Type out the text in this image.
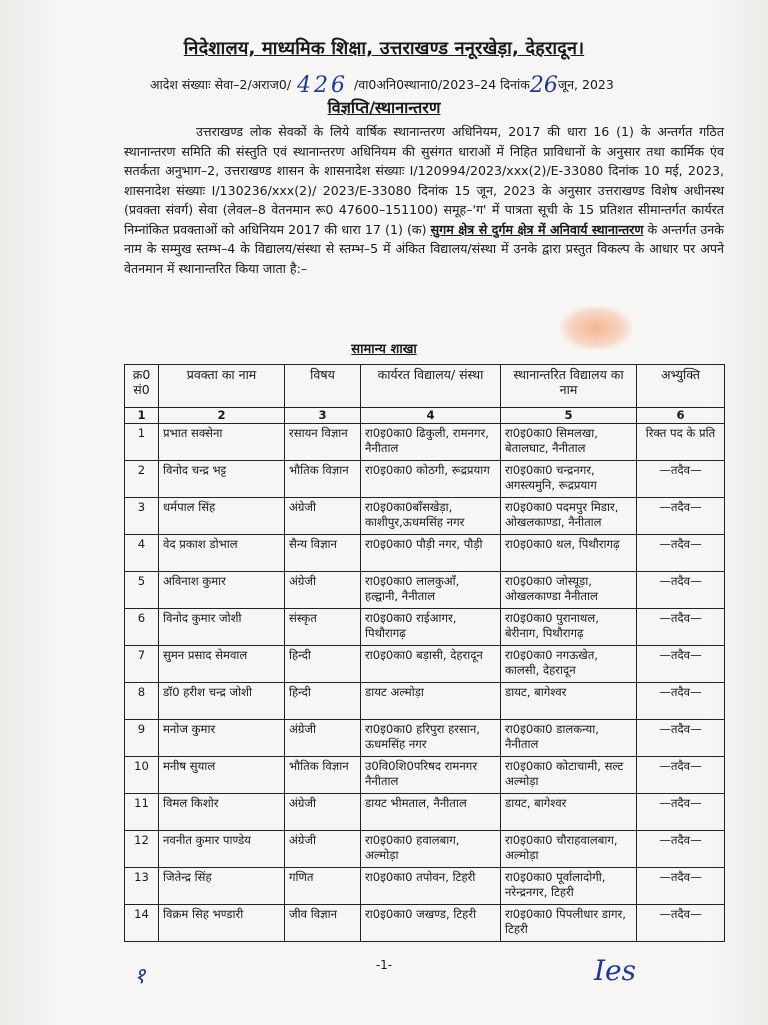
निदेशालय, माध्यमिक शिक्षा, उत्तराखण्ड ननूरखेड़ा, देहरादून।
आदेश संख्याः सेवा–2/अराज0/ 426 /वा0अनि0स्थाना0/2023–24 दिनांक26जून, 2023
विज्ञप्ति/स्थानान्तरण

उत्तराखण्ड लोक सेवकों के लिये वार्षिक स्थानान्तरण अधिनियम, 2017 की धारा 16 (1) के अन्तर्गत गठित स्थानान्तरण समिति की संस्तुति एवं स्थानान्तरण अधिनियम की सुसंगत धाराओं में निहित प्राविधानों के अनुसार तथा कार्मिक एंव सतर्कता अनुभाग–2, उत्तराखण्ड शासन के शासनादेश संख्याः I/120994/2023/xxx(2)/E-33080 दिनांक 10 मई, 2023, शासनादेश संख्याः I/130236/xxx(2)/ 2023/E-33080 दिनांक 15 जून, 2023 के अनुसार उत्तराखण्ड विशेष अधीनस्थ (प्रवक्ता संवर्ग) सेवा (लेवल–8 वेतनमान रू0 47600–151100) समूह–'ग' में पात्रता सूची के 15 प्रतिशत सीमान्तर्गत कार्यरत निम्नांकित प्रवक्ताओं को अधिनियम 2017 की धारा 17 (1) (क) सुगम क्षेत्र से दुर्गम क्षेत्र में अनिवार्य स्थानान्तरण के अन्तर्गत उनके नाम के सम्मुख स्तम्भ–4 के विद्यालय/संस्था से स्तम्भ–5 में अंकित विद्यालय/संस्था में उनके द्वारा प्रस्तुत विकल्प के आधार पर अपने वेतनमान में स्थानान्तरित किया जाता है:–

सामान्य शाखा
क्र0 सं0	प्रवक्ता का नाम	विषय	कार्यरत विद्यालय/ संस्था	स्थानान्तरित विद्यालय का नाम	अभ्युक्ति
1	2	3	4	5	6
1	प्रभात सक्सेना	रसायन विज्ञान	रा0इ0का0 ढिकुली, रामनगर, नैनीताल	रा0इ0का0 सिमलखा, बेतालघाट, नैनीताल	रिक्त पद के प्रति
2	विनोद चन्द्र भट्ट	भौतिक विज्ञान	रा0इ0का0 कोठगी, रूद्रप्रयाग	रा0इ0का0 चन्द्रनगर, अगस्त्यमुनि, रूद्रप्रयाग	—तदैव—
3	धर्मपाल सिंह	अंग्रेजी	रा0इ0का0बाँसखेड़ा, काशीपुर,ऊधमसिंह नगर	रा0इ0का0 पदमपुर मिडार, ओखलकाण्डा, नैनीताल	—तदैव—
4	वेद प्रकाश डोभाल	सैन्य विज्ञान	रा0इ0का0 पौड़ी नगर, पौड़ी	रा0इ0का0 थल, पिथौरागढ़	—तदैव—
5	अविनाश कुमार	अंग्रेजी	रा0इ0का0 लालकुआँ, हल्द्वानी, नैनीताल	रा0इ0का0 जोस्यूड़ा, ओखलकाण्डा नैनीताल	—तदैव—
6	विनोद कुमार जोशी	संस्कृत	रा0इ0का0 राईआगर, पिथौरागढ़	रा0इ0का0 पुरानाथल, बेरीनाग, पिथौरागढ़	—तदैव—
7	सुमन प्रसाद सेमवाल	हिन्दी	रा0इ0का0 बड़ासी, देहरादून	रा0इ0का0 नगऊखेत, कालसी, देहरादून	—तदैव—
8	डॉ0 हरीश चन्द्र जोशी	हिन्दी	डायट अल्मोड़ा	डायट, बागेश्वर	—तदैव—
9	मनोज कुमार	अंग्रेजी	रा0इ0का0 हरिपुरा हरसान, ऊधमसिंह नगर	रा0इ0का0 डालकन्या, नैनीताल	—तदैव—
10	मनीष सुयाल	भौतिक विज्ञान	उ0वि0शि0परिषद रामनगर नैनीताल	रा0इ0का0 कोटाचामी, सल्ट अल्मोड़ा	—तदैव—
11	विमल किशोर	अंग्रेजी	डायट भीमताल, नैनीताल	डायट, बागेश्वर	—तदैव—
12	नवनीत कुमार पाण्डेय	अंग्रेजी	रा0इ0का0 हवालबाग, अल्मोड़ा	रा0इ0का0 चौराहवालबाग, अल्मोड़ा	—तदैव—
13	जितेन्द्र सिंह	गणित	रा0इ0का0 तपोवन, टिहरी	रा0इ0का0 पूर्वालादोगी, नरेन्द्रनगर, टिहरी	—तदैव—
14	विक्रम सिह भण्डारी	जीव विज्ञान	रा0इ0का0 जखण्ड, टिहरी	रा0इ0का0 पिपलीधार डागर, टिहरी	—तदैव—
१	-1-	Ies
